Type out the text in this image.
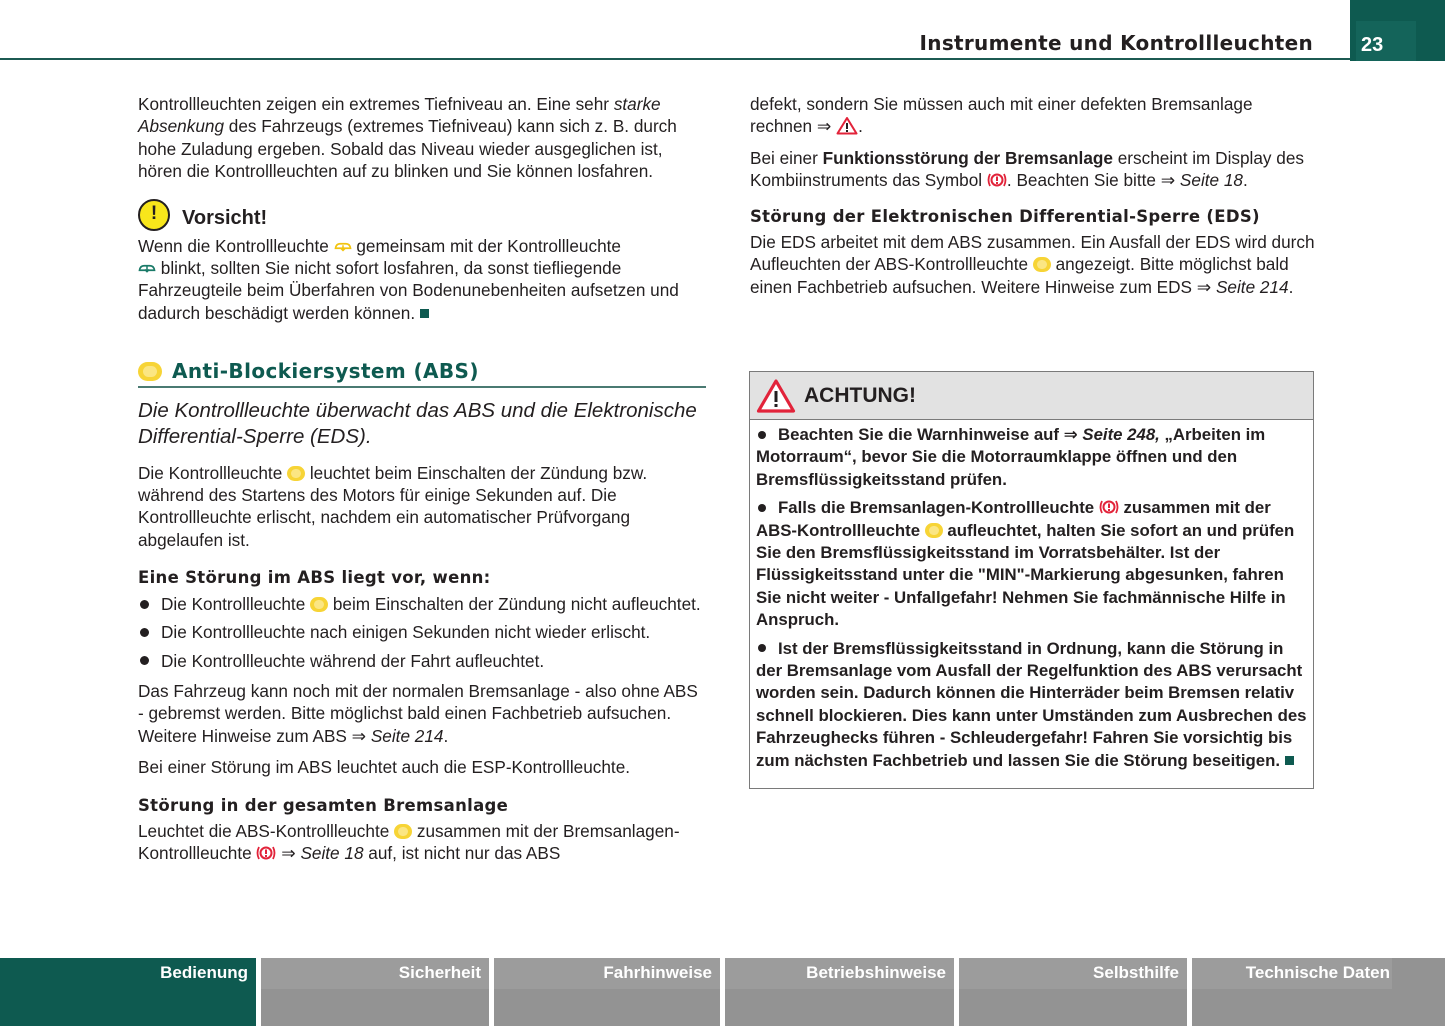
Instrumente und Kontrollleuchten 23

Kontrollleuchten zeigen ein extremes Tiefniveau an. Eine sehr starke Absenkung des Fahrzeugs (extremes Tiefniveau) kann sich z. B. durch hohe Zuladung ergeben. Sobald das Niveau wieder ausgeglichen ist, hören die Kontrollleuchten auf zu blinken und Sie können losfahren.

!	Vorsicht!

Wenn die Kontrollleuchte  gemeinsam mit der Kontrollleuchte
blinkt, sollten Sie nicht sofort losfahren, da sonst tiefliegende Fahrzeugteile beim Überfahren von Bodenunebenheiten aufsetzen und dadurch beschädigt werden können.

Anti-Blockiersystem (ABS)
Die Kontrollleuchte überwacht das ABS und die Elektronische Differential-Sperre (EDS).

Die Kontrollleuchte  leuchtet beim Einschalten der Zündung bzw. während des Startens des Motors für einige Sekunden auf. Die Kontrollleuchte erlischt, nachdem ein automatischer Prüfvorgang abgelaufen ist.

Eine Störung im ABS liegt vor, wenn:
Die Kontrollleuchte  beim Einschalten der Zündung nicht aufleuchtet.
Die Kontrollleuchte nach einigen Sekunden nicht wieder erlischt.
Die Kontrollleuchte während der Fahrt aufleuchtet.

Das Fahrzeug kann noch mit der normalen Bremsanlage - also ohne ABS - gebremst werden. Bitte möglichst bald einen Fachbetrieb aufsuchen. Weitere Hinweise zum ABS ⇒ Seite 214.

Bei einer Störung im ABS leuchtet auch die ESP-Kontrollleuchte.

Störung in der gesamten Bremsanlage

Leuchtet die ABS-Kontrollleuchte  zusammen mit der Bremsanlagen-Kontrollleuchte  ⇒ Seite 18 auf, ist nicht nur das ABS

defekt, sondern Sie müssen auch mit einer defekten Bremsanlage rechnen ⇒ .

Bei einer Funktionsstörung der Bremsanlage erscheint im Display des Kombiinstruments das Symbol . Beachten Sie bitte ⇒ Seite 18.

Störung der Elektronischen Differential-Sperre (EDS)

Die EDS arbeitet mit dem ABS zusammen. Ein Ausfall der EDS wird durch Aufleuchten der ABS-Kontrollleuchte  angezeigt. Bitte möglichst bald einen Fachbetrieb aufsuchen. Weitere Hinweise zum EDS ⇒ Seite 214.

ACHTUNG!

Beachten Sie die Warnhinweise auf ⇒ Seite 248, „Arbeiten im Motorraum“, bevor Sie die Motorraumklappe öffnen und den Bremsflüssigkeitsstand prüfen.

Falls die Bremsanlagen-Kontrollleuchte  zusammen mit der ABS-Kontrollleuchte  aufleuchtet, halten Sie sofort an und prüfen Sie den Bremsflüssigkeitsstand im Vorratsbehälter. Ist der Flüssigkeitsstand unter die "MIN"-Markierung abgesunken, fahren Sie nicht weiter - Unfallgefahr! Nehmen Sie fachmännische Hilfe in Anspruch.

Ist der Bremsflüssigkeitsstand in Ordnung, kann die Störung in der Bremsanlage vom Ausfall der Regelfunktion des ABS verursacht worden sein. Dadurch können die Hinterräder beim Bremsen relativ schnell blockieren. Dies kann unter Umständen zum Ausbrechen des Fahrzeughecks führen - Schleudergefahr! Fahren Sie vorsichtig bis zum nächsten Fachbetrieb und lassen Sie die Störung beseitigen.

Bedienung	Sicherheit	Fahrhinweise	Betriebshinweise	Selbsthilfe	Technische Daten
